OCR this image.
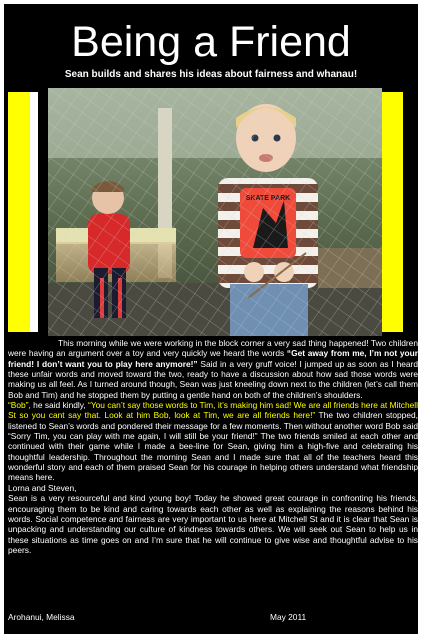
Being a Friend
Sean builds and shares his ideas about fairness and whanau!

This morning while we were working in the block corner a very sad thing happened! Two children were having an argument over a toy and very quickly we heard the words “Get away from me, I’m not your friend! I don’t want you to play here anymore!” Said in a very gruff voice! I jumped up as soon as I heard these unfair words and moved toward the two, ready to have a discussion about how sad those words were making us all feel. As I turned around though, Sean was just kneeling down next to the children (let’s call them Bob and Tim) and he stopped them by putting a gentle hand on both of the children’s shoulders.

“Bob”, he said kindly, “You can’t say those words to Tim, it’s making him sad! We are all friends here at Mitchell St so you cant say that. Look at him Bob, look at Tim, we are all friends here!” The two children stopped, listened to Sean’s words and pondered their message for a few moments. Then without another word Bob said “Sorry Tim, you can play with me again, I will still be your friend!” The two friends smiled at each other and continued with their game while I made a bee-line for Sean, giving him a high-five and celebrating his thoughtful leadership. Throughout the morning Sean and I made sure that all of the teachers heard this wonderful story and each of them praised Sean for his courage in helping others understand what friendship means here.

Lorna and Steven,

Sean is a very resourceful and kind young boy! Today he showed great courage in confronting his friends, encouraging them to be kind and caring towards each other as well as explaining the reasons behind his words. Social competence and fairness are very important to us here at Mitchell St and it is clear that Sean is unpacking and understanding our culture of kindness towards others. We will seek out Sean to help us in these situations as time goes on and I’m sure that he will continue to give wise and thoughtful advise to his peers.

Arohanui, Melissa	May 2011
